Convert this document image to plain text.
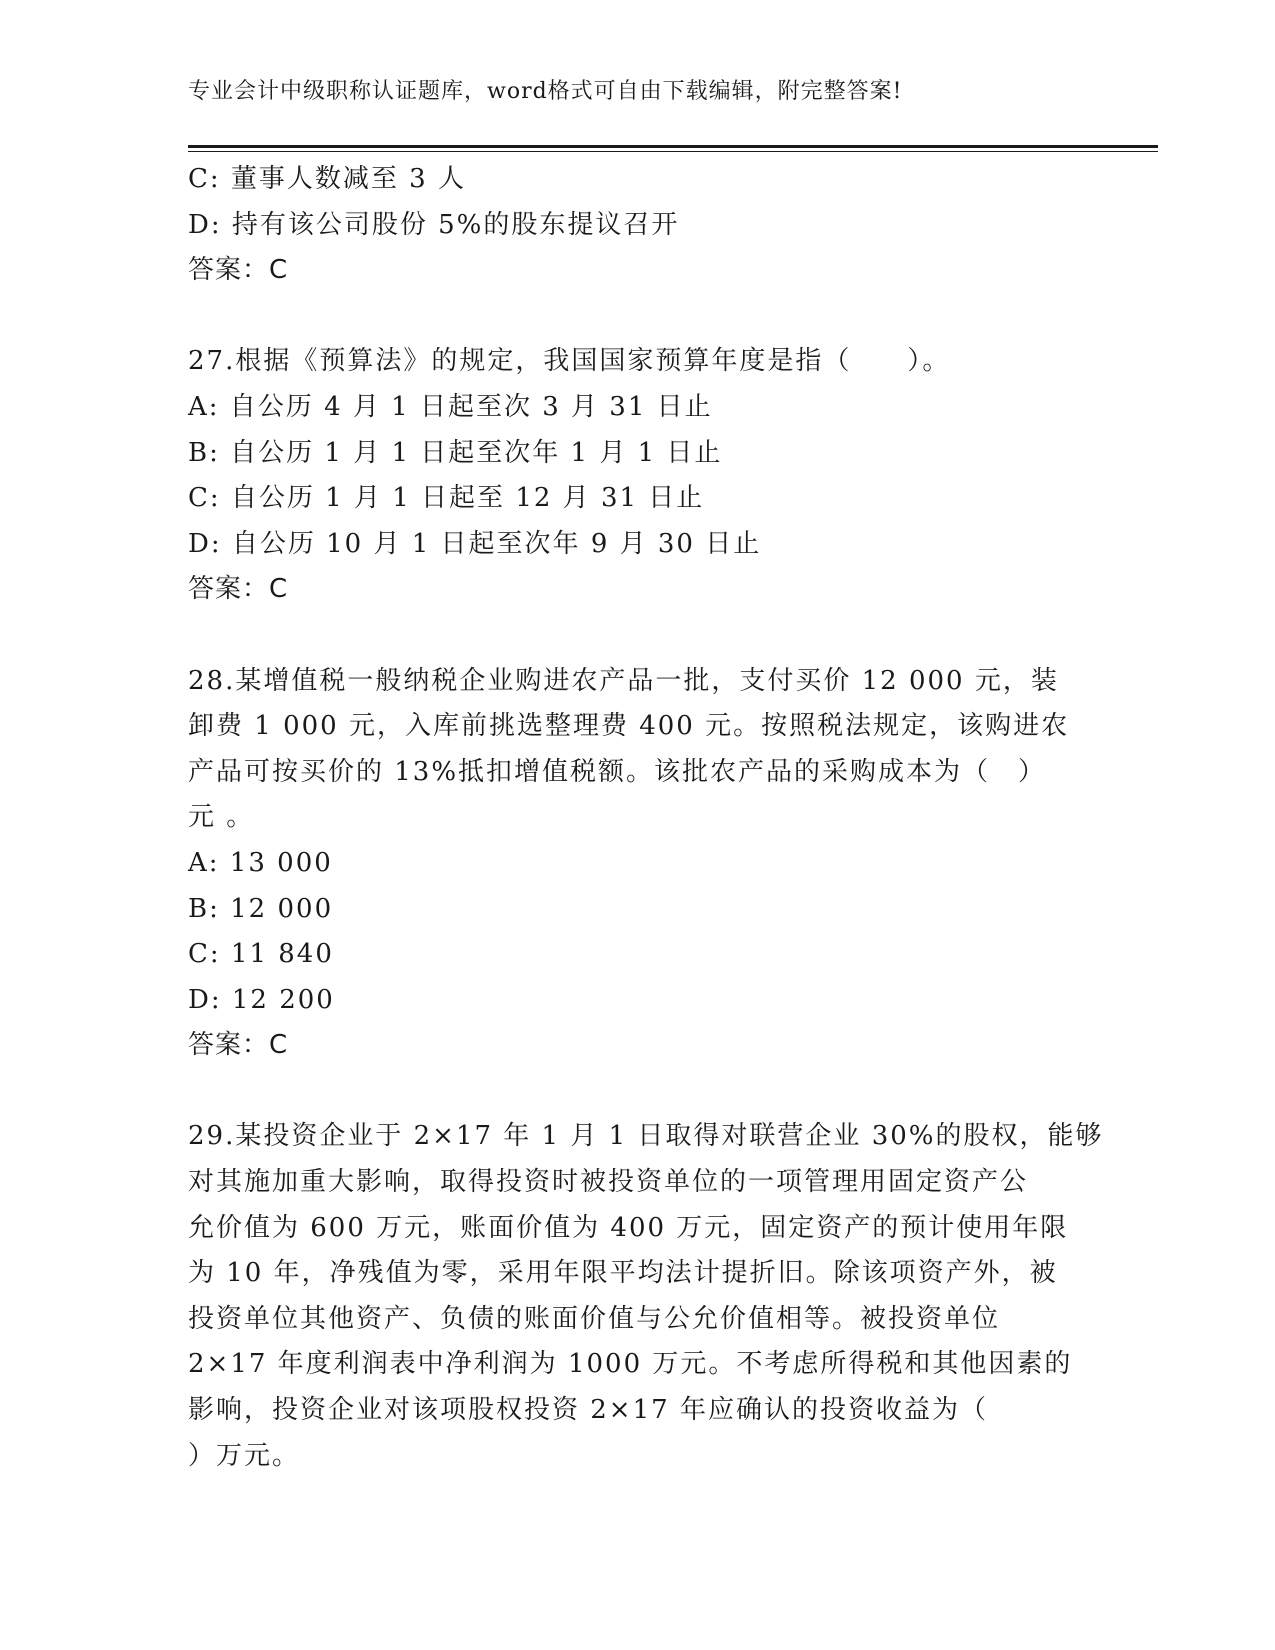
专业会计中级职称认证题库，word格式可自由下载编辑，附完整答案!
C: 董事人数减至 3 人
D: 持有该公司股份 5%的股东提议召开
答案：C
27.根据《预算法》的规定，我国国家预算年度是指（　　）。
A: 自公历 4 月 1 日起至次 3 月 31 日止
B: 自公历 1 月 1 日起至次年 1 月 1 日止
C: 自公历 1 月 1 日起至 12 月 31 日止
D: 自公历 10 月 1 日起至次年 9 月 30 日止
答案：C
28.某增值税一般纳税企业购进农产品一批，支付买价 12 000 元，装
卸费 1 000 元，入库前挑选整理费 400 元。按照税法规定，该购进农
产品可按买价的 13%抵扣增值税额。该批农产品的采购成本为（　）
元 。
A: 13 000
B: 12 000
C: 11 840
D: 12 200
答案：C
29.某投资企业于 2×17 年 1 月 1 日取得对联营企业 30%的股权，能够
对其施加重大影响，取得投资时被投资单位的一项管理用固定资产公
允价值为 600 万元，账面价值为 400 万元，固定资产的预计使用年限
为 10 年，净残值为零，采用年限平均法计提折旧。除该项资产外，被
投资单位其他资产、负债的账面价值与公允价值相等。被投资单位
2×17 年度利润表中净利润为 1000 万元。不考虑所得税和其他因素的
影响，投资企业对该项股权投资 2×17 年应确认的投资收益为（
）万元。
